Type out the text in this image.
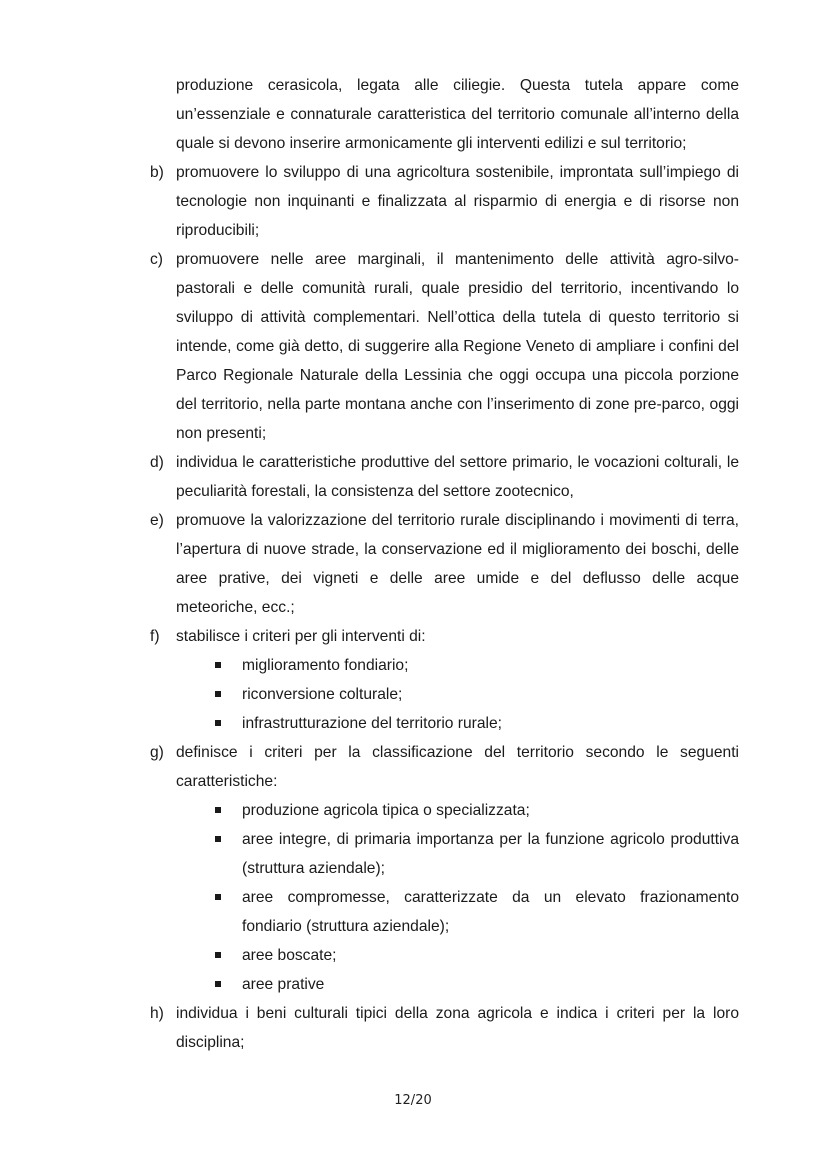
produzione cerasicola, legata alle ciliegie. Questa tutela appare come un’essenziale e connaturale caratteristica del territorio comunale all’interno della quale si devono inserire armonicamente gli interventi edilizi e sul territorio;
b) promuovere lo sviluppo di una agricoltura sostenibile, improntata sull’impiego di tecnologie non inquinanti e finalizzata al risparmio di energia e di risorse non riproducibili;
c) promuovere nelle aree marginali, il mantenimento delle attività agro-silvo-pastorali e delle comunità rurali, quale presidio del territorio, incentivando lo sviluppo di attività complementari. Nell’ottica della tutela di questo territorio si intende, come già detto, di suggerire alla Regione Veneto di ampliare i confini del Parco Regionale Naturale della Lessinia che oggi occupa una piccola porzione del territorio, nella parte montana anche con l’inserimento di zone pre-parco, oggi non presenti;
d) individua le caratteristiche produttive del settore primario, le vocazioni colturali, le peculiarità forestali, la consistenza del settore zootecnico,
e) promuove la valorizzazione del territorio rurale disciplinando i movimenti di terra, l’apertura di nuove strade, la conservazione ed il miglioramento dei boschi, delle aree prative, dei vigneti e delle aree umide e del deflusso delle acque meteoriche, ecc.;
f) stabilisce i criteri per gli interventi di:
miglioramento fondiario;
riconversione colturale;
infrastrutturazione del territorio rurale;
g) definisce i criteri per la classificazione del territorio secondo le seguenti caratteristiche:
produzione agricola tipica o specializzata;
aree integre, di primaria importanza per la funzione agricolo produttiva (struttura aziendale);
aree compromesse, caratterizzate da un elevato frazionamento fondiario (struttura aziendale);
aree boscate;
aree prative
h) individua i beni culturali tipici della zona agricola e indica i criteri per la loro disciplina;
12/20
